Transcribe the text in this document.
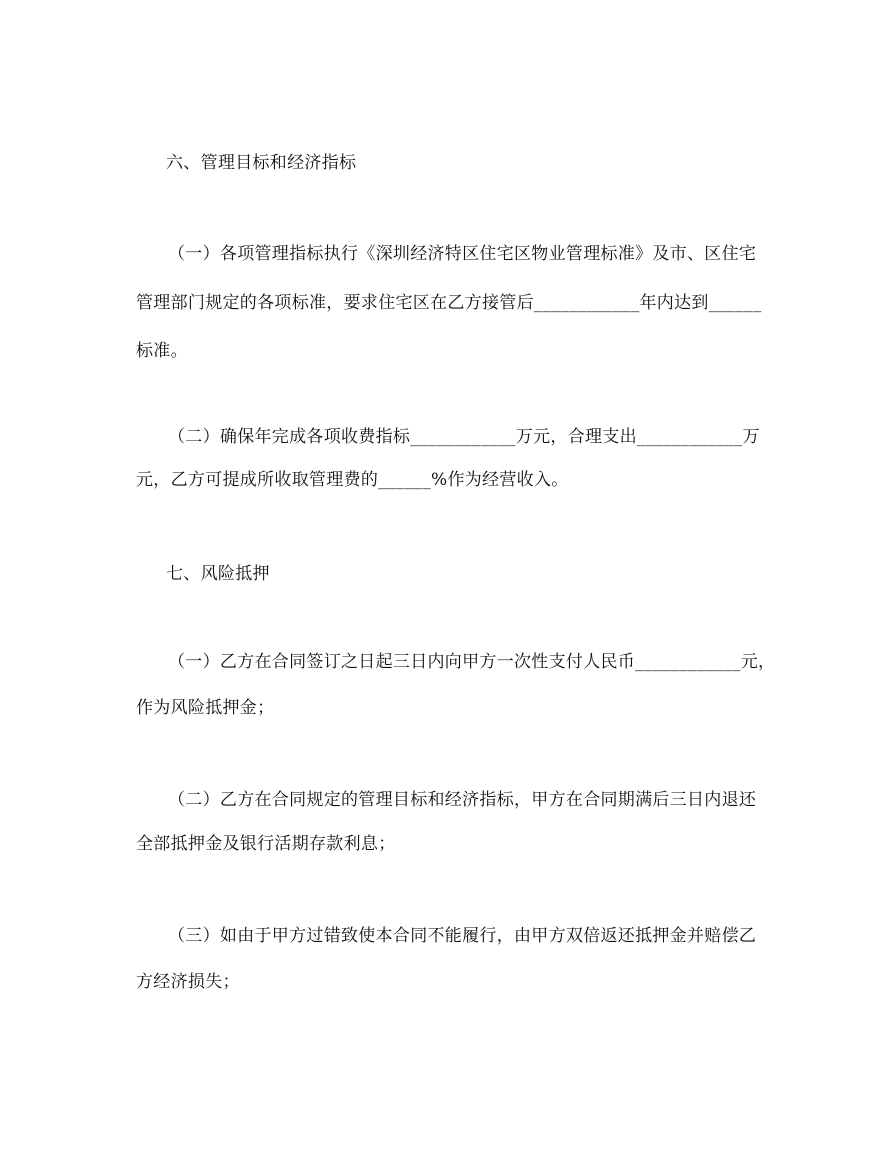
六、管理目标和经济指标
（一）各项管理指标执行《深圳经济特区住宅区物业管理标准》及市、区住宅
管理部门规定的各项标准，要求住宅区在乙方接管后____________年内达到______
标准。
（二）确保年完成各项收费指标____________万元，合理支出____________万
元，乙方可提成所收取管理费的______%作为经营收入。
七、风险抵押
（一）乙方在合同签订之日起三日内向甲方一次性支付人民币____________元，
作为风险抵押金；
（二）乙方在合同规定的管理目标和经济指标，甲方在合同期满后三日内退还
全部抵押金及银行活期存款利息；
（三）如由于甲方过错致使本合同不能履行，由甲方双倍返还抵押金并赔偿乙
方经济损失；
